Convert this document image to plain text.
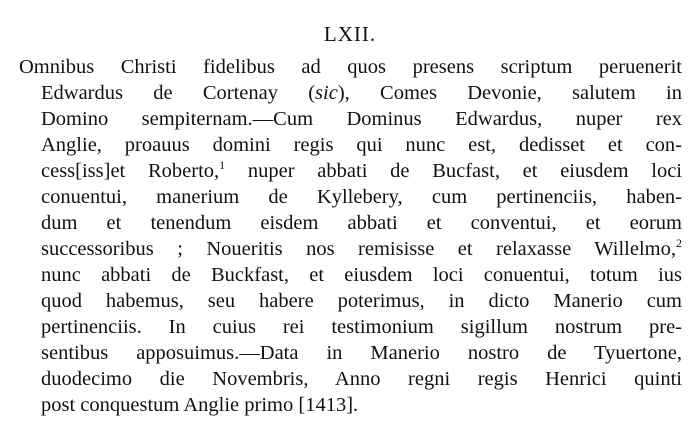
LXII.
Omnibus Christi fidelibus ad quos presens scriptum peruenerit
Edwardus de Cortenay (sic), Comes Devonie, salutem in
Domino sempiternam.—Cum Dominus Edwardus, nuper rex
Anglie, proauus domini regis qui nunc est, dedisset et con-
cess[iss]et Roberto,$^1$ nuper abbati de Bucfast, et eiusdem loci
conuentui, manerium de Kyllebery, cum pertinenciis, haben-
dum et tenendum eisdem abbati et conventui, et eorum
successoribus ; Noueritis nos remisisse et relaxasse Willelmo,$^2$
nunc abbati de Buckfast, et eiusdem loci conuentui, totum ius
quod habemus, seu habere poterimus, in dicto Manerio cum
pertinenciis. In cuius rei testimonium sigillum nostrum pre-
sentibus apposuimus.—Data in Manerio nostro de Tyuertone,
duodecimo die Novembris, Anno regni regis Henrici quinti
post conquestum Anglie primo [1413].
